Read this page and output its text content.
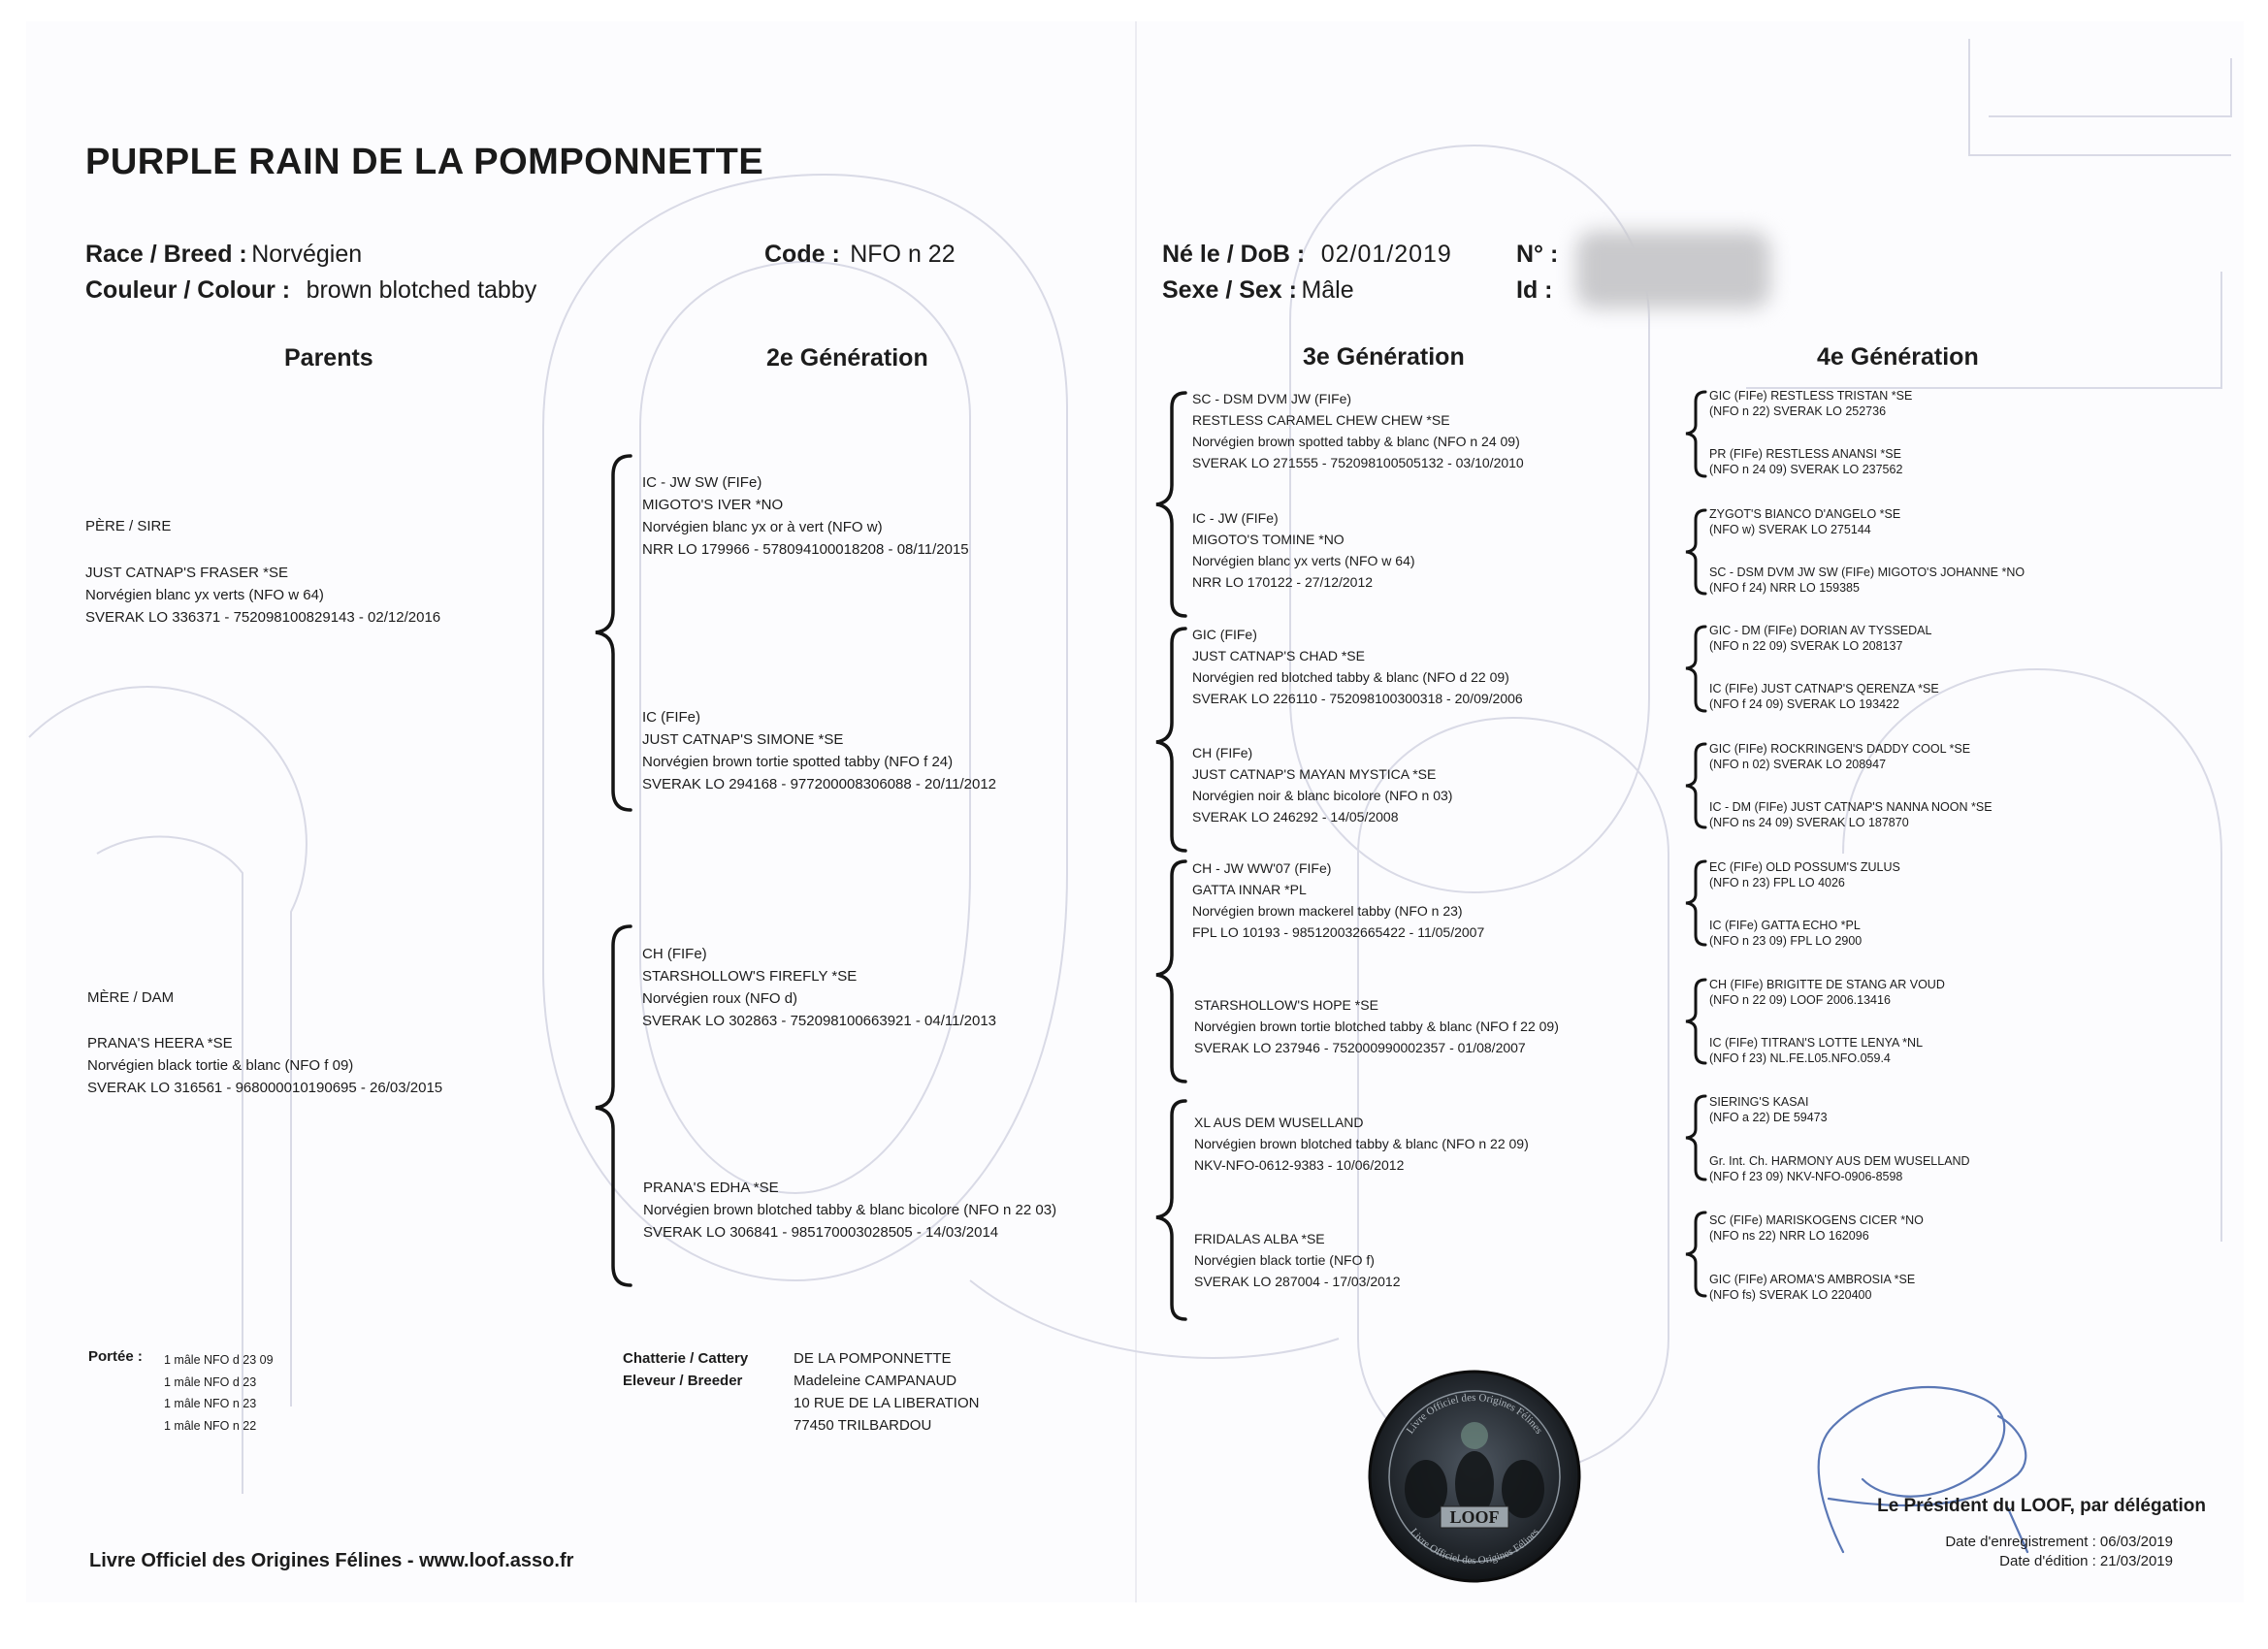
PURPLE RAIN DE LA POMPONNETTE
Race / Breed : Norvégien
Couleur / Colour : brown blotched tabby
Code : NFO n 22	Né le / DoB : 02/01/2019
Sexe / Sex : Mâle
N° :
Id :
Parents	2e Génération	3e Génération	4e Génération
PÈRE / SIRE
JUST CATNAP'S FRASER *SE
Norvégien blanc yx verts (NFO w 64)
SVERAK LO 336371 - 752098100829143 - 02/12/2016
MÈRE / DAM
PRANA'S HEERA *SE
Norvégien black tortie & blanc (NFO f 09)
SVERAK LO 316561 - 968000010190695 - 26/03/2015
IC - JW SW (FIFe)
MIGOTO'S IVER *NO
Norvégien blanc yx or à vert (NFO w)
NRR LO 179966 - 578094100018208 - 08/11/2015
IC (FIFe)
JUST CATNAP'S SIMONE *SE
Norvégien brown tortie spotted tabby (NFO f 24)
SVERAK LO 294168 - 977200008306088 - 20/11/2012
CH (FIFe)
STARSHOLLOW'S FIREFLY *SE
Norvégien roux (NFO d)
SVERAK LO 302863 - 752098100663921 - 04/11/2013
PRANA'S EDHA *SE
Norvégien brown blotched tabby & blanc bicolore (NFO n 22 03)
SVERAK LO 306841 - 985170003028505 - 14/03/2014
SC - DSM DVM JW (FIFe)
RESTLESS CARAMEL CHEW CHEW *SE
Norvégien brown spotted tabby & blanc (NFO n 24 09)
SVERAK LO 271555 - 752098100505132 - 03/10/2010
IC - JW (FIFe)
MIGOTO'S TOMINE *NO
Norvégien blanc yx verts (NFO w 64)
NRR LO 170122 - 27/12/2012
GIC (FIFe)
JUST CATNAP'S CHAD *SE
Norvégien red blotched tabby & blanc (NFO d 22 09)
SVERAK LO 226110 - 752098100300318 - 20/09/2006
CH (FIFe)
JUST CATNAP'S MAYAN MYSTICA *SE
Norvégien noir & blanc bicolore (NFO n 03)
SVERAK LO 246292 - 14/05/2008
CH - JW WW'07 (FIFe)
GATTA INNAR *PL
Norvégien brown mackerel tabby (NFO n 23)
FPL LO 10193 - 985120032665422 - 11/05/2007
STARSHOLLOW'S HOPE *SE
Norvégien brown tortie blotched tabby & blanc (NFO f 22 09)
SVERAK LO 237946 - 752000990002357 - 01/08/2007
XL AUS DEM WUSELLAND
Norvégien brown blotched tabby & blanc (NFO n 22 09)
NKV-NFO-0612-9383 - 10/06/2012
FRIDALAS ALBA *SE
Norvégien black tortie (NFO f)
SVERAK LO 287004 - 17/03/2012
GIC (FIFe) RESTLESS TRISTAN *SE
(NFO n 22) SVERAK LO 252736
PR (FIFe) RESTLESS ANANSI *SE
(NFO n 24 09) SVERAK LO 237562
ZYGOT'S BIANCO D'ANGELO *SE
(NFO w) SVERAK LO 275144
SC - DSM DVM JW SW (FIFe) MIGOTO'S JOHANNE *NO
(NFO f 24) NRR LO 159385
GIC - DM (FIFe) DORIAN AV TYSSEDAL
(NFO n 22 09) SVERAK LO 208137
IC (FIFe) JUST CATNAP'S QERENZA *SE
(NFO f 24 09) SVERAK LO 193422
GIC (FIFe) ROCKRINGEN'S DADDY COOL *SE
(NFO n 02) SVERAK LO 208947
IC - DM (FIFe) JUST CATNAP'S NANNA NOON *SE
(NFO ns 24 09) SVERAK LO 187870
EC (FIFe) OLD POSSUM'S ZULUS
(NFO n 23) FPL LO 4026
IC (FIFe) GATTA ECHO *PL
(NFO n 23 09) FPL LO 2900
CH (FIFe) BRIGITTE DE STANG AR VOUD
(NFO n 22 09) LOOF 2006.13416
IC (FIFe) TITRAN'S LOTTE LENYA *NL
(NFO f 23) NL.FE.L05.NFO.059.4
SIERING'S KASAI
(NFO a 22) DE 59473
Gr. Int. Ch. HARMONY AUS DEM WUSELLAND
(NFO f 23 09) NKV-NFO-0906-8598
SC (FIFe) MARISKOGENS CICER *NO
(NFO ns 22) NRR LO 162096
GIC (FIFe) AROMA'S AMBROSIA *SE
(NFO fs) SVERAK LO 220400
Portée : 1 mâle NFO d 23 09
1 mâle NFO d 23
1 mâle NFO n 23
1 mâle NFO n 22
Chatterie / Cattery
Eleveur / Breeder
DE LA POMPONNETTE
Madeleine CAMPANAUD
10 RUE DE LA LIBERATION
77450 TRILBARDOU
LOOF
Livre Officiel des Origines Félines
Livre Officiel des Origines Félines
Livre Officiel des Origines Félines - www.loof.asso.fr
Le Président du LOOF, par délégation
Date d'enregistrement : 06/03/2019
Date d'édition : 21/03/2019
